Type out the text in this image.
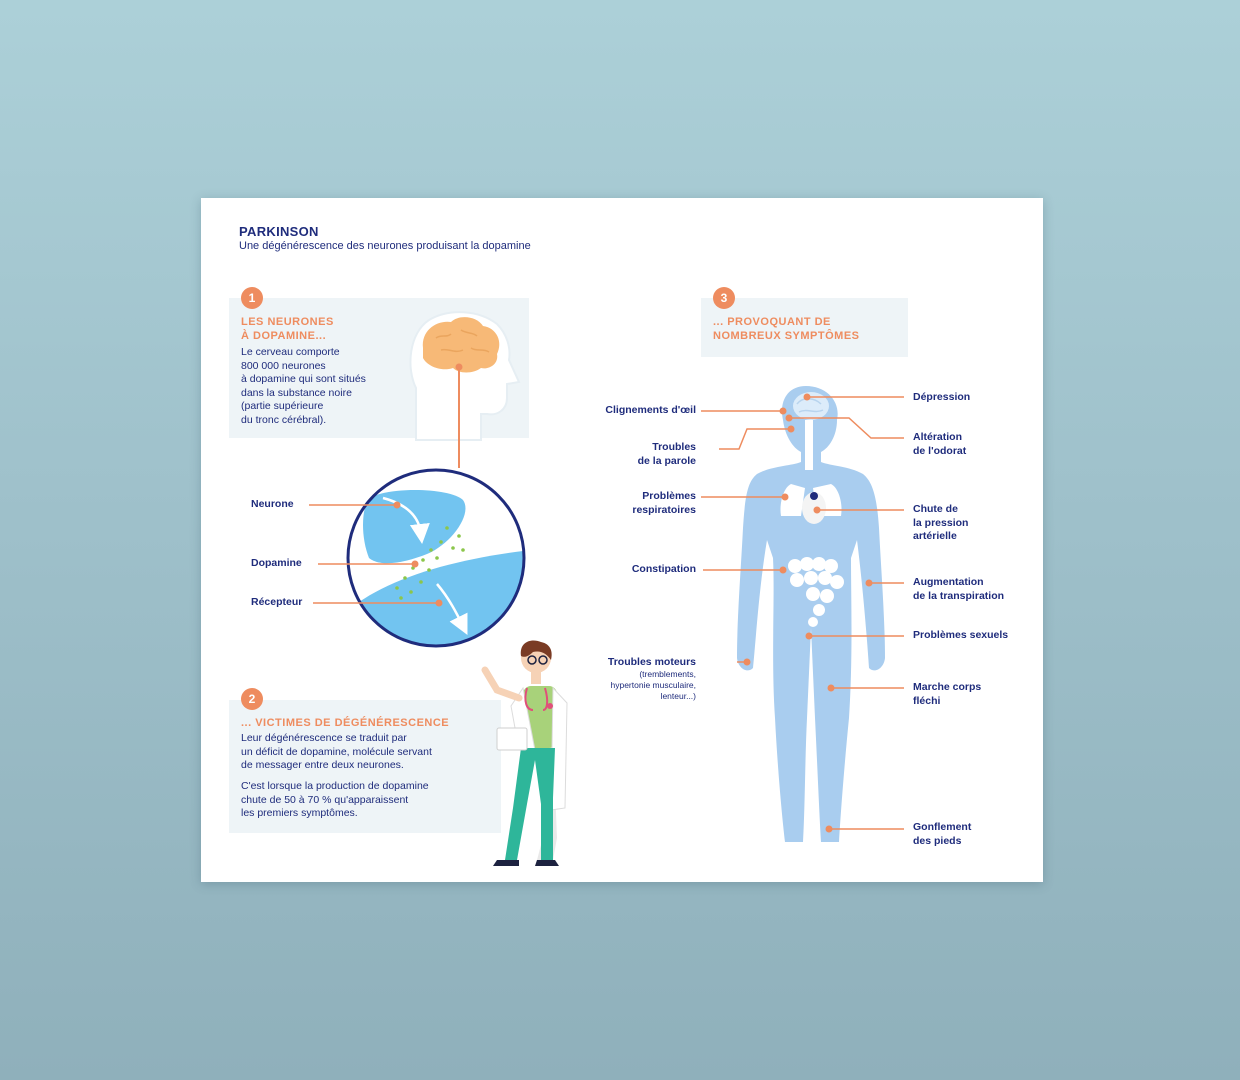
PARKINSON
Une dégénérescence des neurones produisant la dopamine
1
LES NEURONES
À DOPAMINE...
Le cerveau comporte
800 000 neurones
à dopamine qui sont situés
dans la substance noire
(partie supérieure
du tronc cérébral).
Neurone
Dopamine
Récepteur
2
... VICTIMES DE DÉGÉNÉRESCENCE
Leur dégénérescence se traduit par
un déficit de dopamine, molécule servant
de messager entre deux neurones.
C'est lorsque la production de dopamine
chute de 50 à 70 % qu'apparaissent
les premiers symptômes.
3
... PROVOQUANT DE
NOMBREUX SYMPTÔMES
Clignements d'œil
Troubles
de la parole
Problèmes
respiratoires
Constipation
Troubles moteurs
(tremblements,
hypertonie musculaire,
lenteur...)
Dépression
Altération
de l'odorat
Chute de
la pression
artérielle
Augmentation
de la transpiration
Problèmes sexuels
Marche corps
fléchi
Gonflement
des pieds
